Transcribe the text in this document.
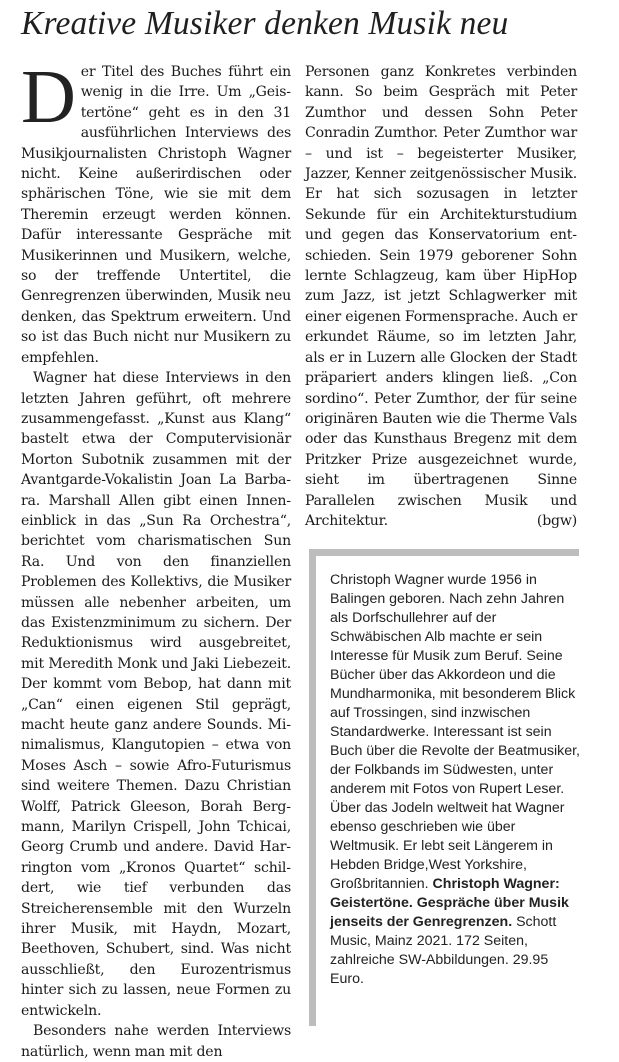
Kreative Musiker denken Musik neu

Der Titel des Buches führt ein wenig in die Irre. Um „Geistertöne“ geht es in den 31 ausführlichen Interviews des Musikjournalisten Christoph Wagner nicht. Keine außerirdischen oder sphärischen Töne, wie sie mit dem Theremin erzeugt werden können. Dafür interessante Gespräche mit Musikerinnen und Musikern, welche, so der treffende Untertitel, die Genregrenzen überwinden, Musik neu denken, das Spektrum erweitern. Und so ist das Buch nicht nur Musikern zu empfehlen.

Wagner hat diese Interviews in den letzten Jahren geführt, oft mehrere zusammengefasst. „Kunst aus Klang“ bastelt etwa der Computervisionär Morton Subotnik zusammen mit der Avantgarde-Vokalistin Joan La Barbara. Marshall Allen gibt einen Inneneinblick in das „Sun Ra Orchestra“, berichtet vom charismatischen Sun Ra. Und von den finanziellen Problemen des Kollektivs, die Musiker müssen alle nebenher arbeiten, um das Existenzminimum zu sichern. Der Reduktionismus wird ausgebreitet, mit Meredith Monk und Jaki Liebezeit. Der kommt vom Bebop, hat dann mit „Can“ einen eigenen Stil geprägt, macht heute ganz andere Sounds. Minimalismus, Klangutopien – etwa von Moses Asch – sowie Afro-Futurismus sind weitere Themen. Dazu Christian Wolff, Patrick Gleeson, Borah Bergmann, Marilyn Crispell, John Tchicai, Georg Crumb und andere. David Harrington vom „Kronos Quartet“ schildert, wie tief verbunden das Streicherensemble mit den Wurzeln ihrer Musik, mit Haydn, Mozart, Beethoven, Schubert, sind. Was nicht ausschließt, den Eurozentrismus hinter sich zu lassen, neue Formen zu entwickeln.

Besonders nahe werden Interviews natürlich, wenn man mit den

Personen ganz Konkretes verbinden kann. So beim Gespräch mit Peter Zumthor und dessen Sohn Peter Conradin Zumthor. Peter Zumthor war – und ist – begeisterter Musiker, Jazzer, Kenner zeitgenössischer Musik. Er hat sich sozusagen in letzter Sekunde für ein Architekturstudium und gegen das Konservatorium entschieden. Sein 1979 geborener Sohn lernte Schlagzeug, kam über HipHop zum Jazz, ist jetzt Schlagwerker mit einer eigenen Formensprache. Auch er erkundet Räume, so im letzten Jahr, als er in Luzern alle Glocken der Stadt präpariert anders klingen ließ. „Con sordino“. Peter Zumthor, der für seine originären Bauten wie die Therme Vals oder das Kunsthaus Bregenz mit dem Pritzker Prize ausgezeichnet wurde, sieht im übertragenen Sinne Parallelen zwischen Musik und Architektur.	(bgw)

Christoph Wagner wurde 1956 in Balingen geboren. Nach zehn Jahren als Dorfschullehrer auf der Schwäbischen Alb machte er sein Interesse für Musik zum Beruf. Seine Bücher über das Akkordeon und die Mundharmonika, mit besonderem Blick auf Trossingen, sind inzwischen Standardwerke. Interessant ist sein Buch über die Revolte der Beatmusiker, der Folkbands im Südwesten, unter anderem mit Fotos von Rupert Leser. Über das Jodeln weltweit hat Wagner ebenso geschrieben wie über Weltmusik. Er lebt seit Längerem in Hebden Bridge,West Yorkshire, Großbritannien. Christoph Wagner: Geistertöne. Gespräche über Musik jenseits der Genregrenzen. Schott Music, Mainz 2021. 172 Seiten, zahlreiche SW-Abbildungen. 29.95 Euro.
